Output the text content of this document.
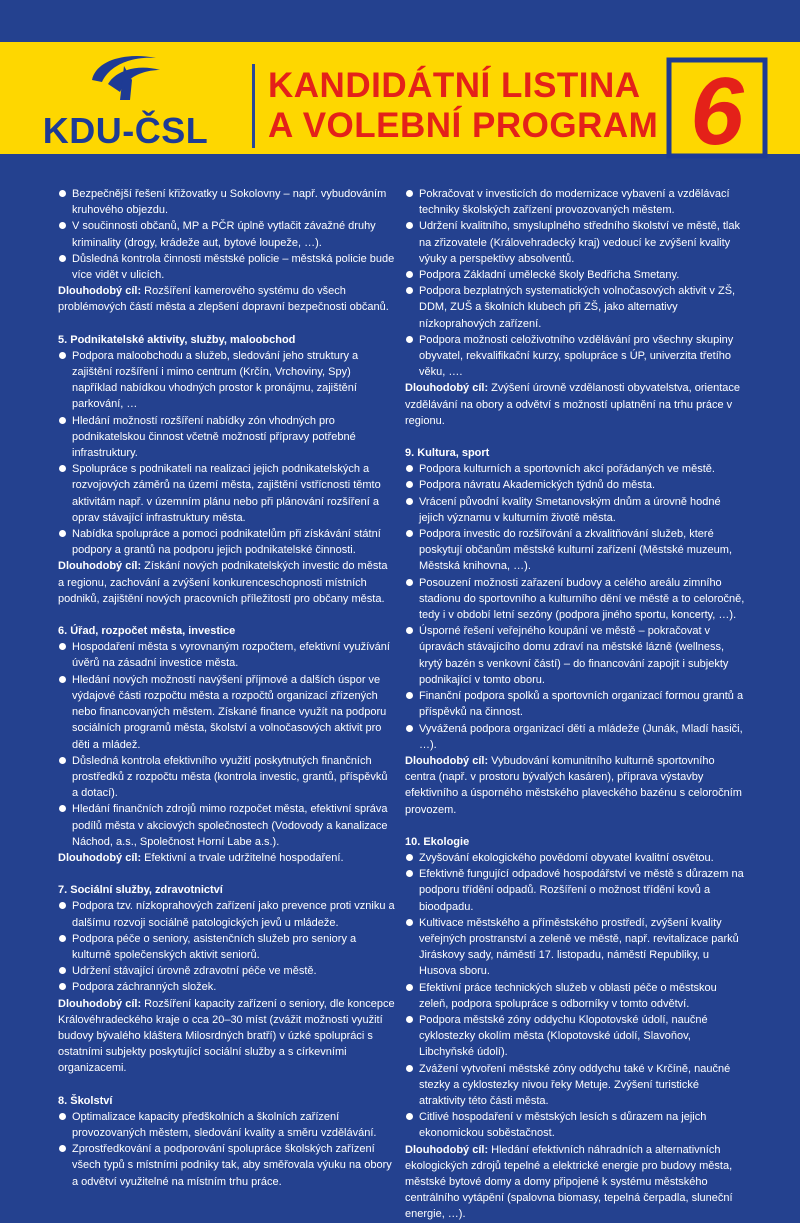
KDU-ČSL
KANDIDÁTNÍ LISTINA
A VOLEBNÍ PROGRAM 6
Bezpečnější řešení křižovatky u Sokolovny – např. vybudováním kruhového objezdu.
V součinnosti občanů, MP a PČR úplně vytlačit závažné druhy kriminality (drogy, krádeže aut, bytové loupeže, …).
Důsledná kontrola činnosti městské policie – městská policie bude více vidět v ulicích.

Dlouhodobý cíl: Rozšíření kamerového systému do všech problémových částí města a zlepšení dopravní bezpečnosti občanů.

5. Podnikatelské aktivity, služby, maloobchod

Podpora maloobchodu a služeb, sledování jeho struktury a zajištění rozšíření i mimo centrum (Krčín, Vrchoviny, Spy) například nabídkou vhodných prostor k pronájmu, zajištění parkování, …
Hledání možností rozšíření nabídky zón vhodných pro podnikatelskou činnost včetně možností přípravy potřebné infrastruktury.
Spolupráce s podnikateli na realizaci jejich podnikatelských a rozvojových záměrů na území města, zajištění vstřícnosti těmto aktivitám např. v územním plánu nebo při plánování rozšíření a oprav stávající infrastruktury města.
Nabídka spolupráce a pomoci podnikatelům při získávání státní podpory a grantů na podporu jejich podnikatelské činnosti.

Dlouhodobý cíl: Získání nových podnikatelských investic do města a regionu, zachování a zvýšení konkurenceschopnosti místních podniků, zajištění nových pracovních příležitostí pro občany města.

6. Úřad, rozpočet města, investice

Hospodaření města s vyrovnaným rozpočtem, efektivní využívání úvěrů na zásadní investice města.
Hledání nových možností navýšení příjmové a dalších úspor ve výdajové části rozpočtu města a rozpočtů organizací zřízených nebo financovaných městem. Získané finance využít na podporu sociálních programů města, školství a volnočasových aktivit pro děti a mládež.
Důsledná kontrola efektivního využití poskytnutých finančních prostředků z rozpočtu města (kontrola investic, grantů, příspěvků a dotací).
Hledání finančních zdrojů mimo rozpočet města, efektivní správa podílů města v akciových společnostech (Vodovody a kanalizace Náchod, a.s., Společnost Horní Labe a.s.).

Dlouhodobý cíl: Efektivní a trvale udržitelné hospodaření.

7. Sociální služby, zdravotnictví

Podpora tzv. nízkoprahových zařízení jako prevence proti vzniku a dalšímu rozvoji sociálně patologických jevů u mládeže.
Podpora péče o seniory, asistenčních služeb pro seniory a kulturně společenských aktivit seniorů.
Udržení stávající úrovně zdravotní péče ve městě.
Podpora záchranných složek.

Dlouhodobý cíl: Rozšíření kapacity zařízení o seniory, dle koncepce Královéhradeckého kraje o cca 20–30 míst (zvážit možnosti využití budovy bývalého kláštera Milosrdných bratří) v úzké spolupráci s ostatními subjekty poskytující sociální služby a s církevními organizacemi.

8. Školství

Optimalizace kapacity předškolních a školních zařízení provozovaných městem, sledování kvality a směru vzdělávání.
Zprostředkování a podporování spolupráce školských zařízení všech typů s místními podniky tak, aby směřovala výuku na obory a odvětví využitelné na místním trhu práce.
Pokračovat v investicích do modernizace vybavení a vzdělávací techniky školských zařízení provozovaných městem.
Udržení kvalitního, smysluplného středního školství ve městě, tlak na zřizovatele (Královehradecký kraj) vedoucí ke zvýšení kvality výuky a perspektivy absolventů.
Podpora Základní umělecké školy Bedřicha Smetany.
Podpora bezplatných systematických volnočasových aktivit v ZŠ, DDM, ZUŠ a školních klubech při ZŠ, jako alternativy nízkoprahových zařízení.
Podpora možnosti celoživotního vzdělávání pro všechny skupiny obyvatel, rekvalifikační kurzy, spolupráce s ÚP, univerzita třetího věku, ….

Dlouhodobý cíl: Zvýšení úrovně vzdělanosti obyvatelstva, orientace vzdělávání na obory a odvětví s možností uplatnění na trhu práce v regionu.

9. Kultura, sport

Podpora kulturních a sportovních akcí pořádaných ve městě.
Podpora návratu Akademických týdnů do města.
Vrácení původní kvality Smetanovským dnům a úrovně hodné jejich významu v kulturním životě města.
Podpora investic do rozšiřování a zkvalitňování služeb, které poskytují občanům městské kulturní zařízení (Městské muzeum, Městská knihovna, …).
Posouzení možnosti zařazení budovy a celého areálu zimního stadionu do sportovního a kulturního dění ve městě a to celoročně, tedy i v období letní sezóny (podpora jiného sportu, koncerty, …).
Úsporné řešení veřejného koupání ve městě – pokračovat v úpravách stávajícího domu zdraví na městské lázně (wellness, krytý bazén s venkovní částí) – do financování zapojit i subjekty podnikající v tomto oboru.
Finanční podpora spolků a sportovních organizací formou grantů a příspěvků na činnost.
Vyvážená podpora organizací dětí a mládeže (Junák, Mladí hasiči, …).

Dlouhodobý cíl: Vybudování komunitního kulturně sportovního centra (např. v prostoru bývalých kasáren), příprava výstavby efektivního a úsporného městského plaveckého bazénu s celoročním provozem.

10. Ekologie

Zvyšování ekologického povědomí obyvatel kvalitní osvětou.
Efektivně fungující odpadové hospodářství ve městě s důrazem na podporu třídění odpadů. Rozšíření o možnost třídění kovů a bioodpadu.
Kultivace městského a příměstského prostředí, zvýšení kvality veřejných prostranství a zeleně ve městě, např. revitalizace parků Jiráskovy sady, náměstí 17. listopadu, náměstí Republiky, u Husova sboru.
Efektivní práce technických služeb v oblasti péče o městskou zeleň, podpora spolupráce s odborníky v tomto odvětví.
Podpora městské zóny oddychu Klopotovské údolí, naučné cyklostezky okolím města (Klopotovské údolí, Slavoňov, Libchyňské údolí).
Zvážení vytvoření městské zóny oddychu také v Krčíně, naučné stezky a cyklostezky nivou řeky Metuje. Zvýšení turistické atraktivity této části města.
Citlivé hospodaření v městských lesích s důrazem na jejich ekonomickou soběstačnost.

Dlouhodobý cíl: Hledání efektivních náhradních a alternativních ekologických zdrojů tepelné a elektrické energie pro budovy města, městské bytové domy a domy připojené k systému městského centrálního vytápění (spalovna biomasy, tepelná čerpadla, sluneční energie, …).
